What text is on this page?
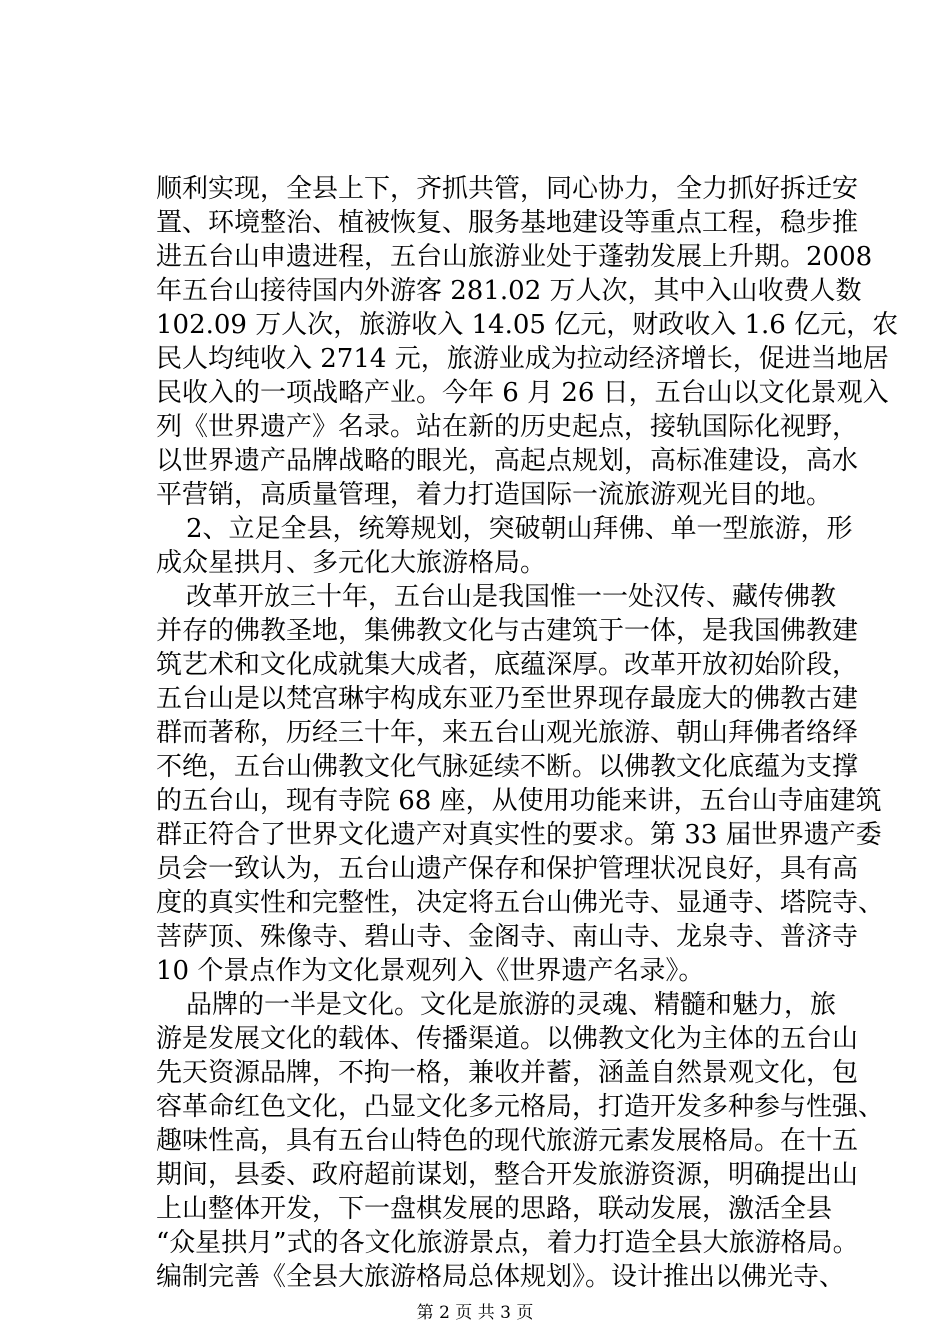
顺利实现，全县上下，齐抓共管，同心协力，全力抓好拆迁安
置、环境整治、植被恢复、服务基地建设等重点工程，稳步推
进五台山申遗进程，五台山旅游业处于蓬勃发展上升期。2008
年五台山接待国内外游客 281.02 万人次，其中入山收费人数
102.09 万人次，旅游收入 14.05 亿元，财政收入 1.6 亿元，农
民人均纯收入 2714 元，旅游业成为拉动经济增长，促进当地居
民收入的一项战略产业。今年 6 月 26 日，五台山以文化景观入
列《世界遗产》名录。站在新的历史起点，接轨国际化视野，
以世界遗产品牌战略的眼光，高起点规划，高标准建设，高水
平营销，高质量管理，着力打造国际一流旅游观光目的地。
2、立足全县，统筹规划，突破朝山拜佛、单一型旅游，形
成众星拱月、多元化大旅游格局。
改革开放三十年，五台山是我国惟一一处汉传、藏传佛教
并存的佛教圣地，集佛教文化与古建筑于一体，是我国佛教建
筑艺术和文化成就集大成者，底蕴深厚。改革开放初始阶段，
五台山是以梵宫琳宇构成东亚乃至世界现存最庞大的佛教古建
群而著称，历经三十年，来五台山观光旅游、朝山拜佛者络绎
不绝，五台山佛教文化气脉延续不断。以佛教文化底蕴为支撑
的五台山，现有寺院 68 座，从使用功能来讲，五台山寺庙建筑
群正符合了世界文化遗产对真实性的要求。第 33 届世界遗产委
员会一致认为，五台山遗产保存和保护管理状况良好，具有高
度的真实性和完整性，决定将五台山佛光寺、显通寺、塔院寺、
菩萨顶、殊像寺、碧山寺、金阁寺、南山寺、龙泉寺、普济寺
10 个景点作为文化景观列入《世界遗产名录》。
品牌的一半是文化。文化是旅游的灵魂、精髓和魅力，旅
游是发展文化的载体、传播渠道。以佛教文化为主体的五台山
先天资源品牌，不拘一格，兼收并蓄，涵盖自然景观文化，包
容革命红色文化，凸显文化多元格局，打造开发多种参与性强、
趣味性高，具有五台山特色的现代旅游元素发展格局。在十五
期间，县委、政府超前谋划，整合开发旅游资源，明确提出山
上山整体开发，下一盘棋发展的思路，联动发展，激活全县
“众星拱月”式的各文化旅游景点，着力打造全县大旅游格局。
编制完善《全县大旅游格局总体规划》。设计推出以佛光寺、
第 2 页 共 3 页
